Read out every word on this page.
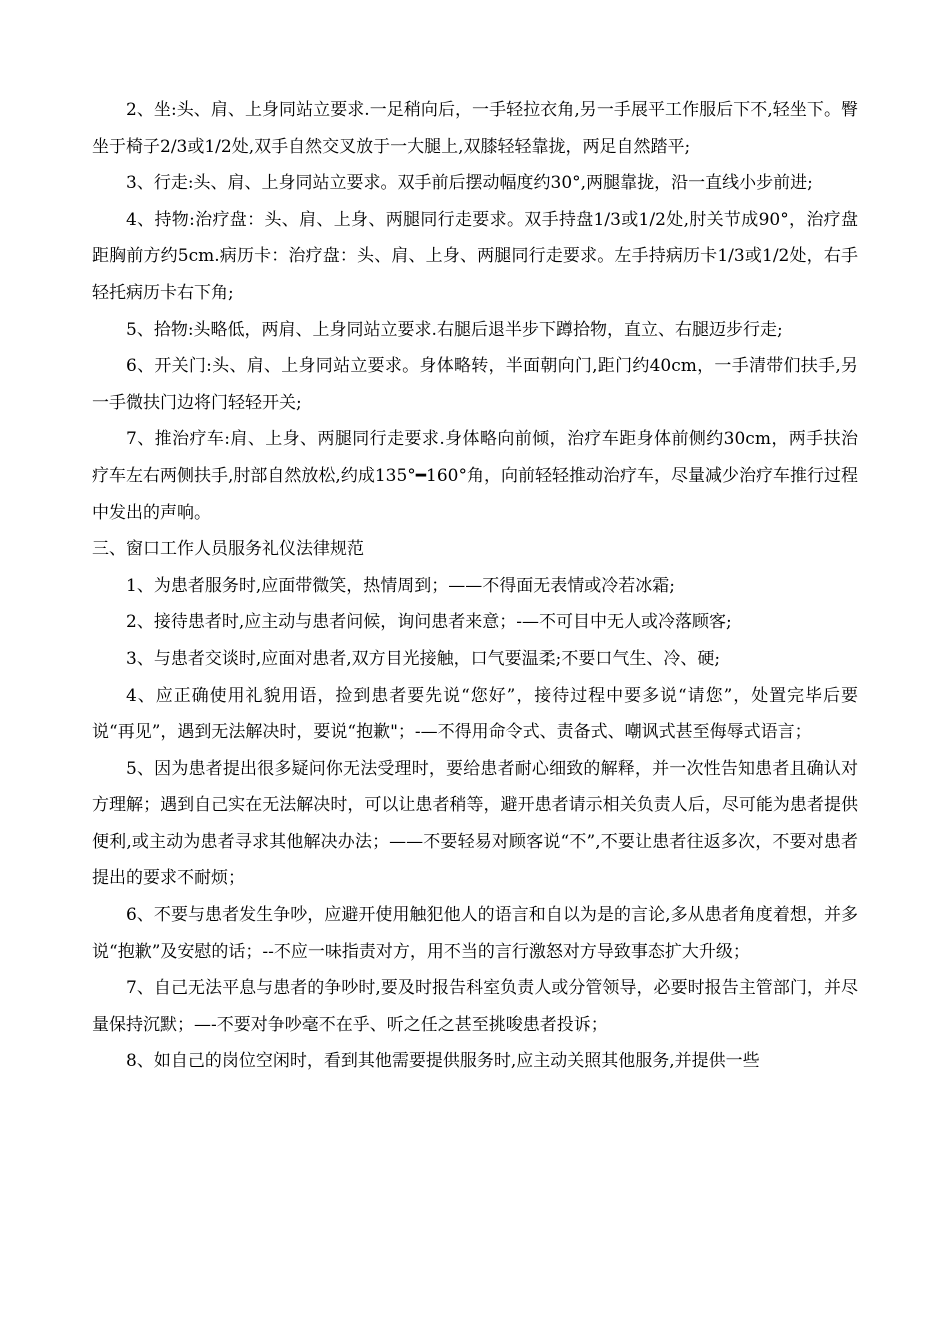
2、坐:头、肩、上身同站立要求.一足稍向后，一手轻拉衣角,另一手展平工作服后下不,轻坐下。臀坐于椅子2/3或1/2处,双手自然交叉放于一大腿上,双膝轻轻靠拢，两足自然踏平;

3、行走:头、肩、上身同站立要求。双手前后摆动幅度约30°,两腿靠拢，沿一直线小步前进;

4、持物:治疗盘：头、肩、上身、两腿同行走要求。双手持盘1/3或1/2处,肘关节成90°，治疗盘距胸前方约5cm.病历卡：治疗盘：头、肩、上身、两腿同行走要求。左手持病历卡1/3或1/2处，右手轻托病历卡右下角;

5、拾物:头略低，两肩、上身同站立要求.右腿后退半步下蹲拾物，直立、右腿迈步行走;

6、开关门:头、肩、上身同站立要求。身体略转，半面朝向门,距门约40cm，一手清带们扶手,另一手微扶门边将门轻轻开关;

7、推治疗车:肩、上身、两腿同行走要求.身体略向前倾，治疗车距身体前侧约30cm，两手扶治疗车左右两侧扶手,肘部自然放松,约成135°━160°角，向前轻轻推动治疗车，尽量减少治疗车推行过程中发出的声响。

三、窗口工作人员服务礼仪法律规范

1、为患者服务时,应面带微笑，热情周到；——不得面无表情或冷若冰霜;

2、接待患者时,应主动与患者问候，询问患者来意；-—不可目中无人或冷落顾客;

3、与患者交谈时,应面对患者,双方目光接触，口气要温柔;不要口气生、冷、硬;

4、应正确使用礼貌用语，捡到患者要先说“您好”，接待过程中要多说“请您”，处置完毕后要说“再见”，遇到无法解决时，要说“抱歉"；-—不得用命令式、责备式、嘲讽式甚至侮辱式语言；

5、因为患者提出很多疑问你无法受理时，要给患者耐心细致的解释，并一次性告知患者且确认对方理解；遇到自己实在无法解决时，可以让患者稍等，避开患者请示相关负责人后，尽可能为患者提供便利,或主动为患者寻求其他解决办法；——不要轻易对顾客说“不”,不要让患者往返多次，不要对患者提出的要求不耐烦；

6、不要与患者发生争吵，应避开使用触犯他人的语言和自以为是的言论,多从患者角度着想，并多说“抱歉”及安慰的话；--不应一味指责对方，用不当的言行激怒对方导致事态扩大升级；

7、自己无法平息与患者的争吵时,要及时报告科室负责人或分管领导，必要时报告主管部门，并尽量保持沉默；—-不要对争吵毫不在乎、听之任之甚至挑唆患者投诉；

8、如自己的岗位空闲时，看到其他需要提供服务时,应主动关照其他服务,并提供一些
